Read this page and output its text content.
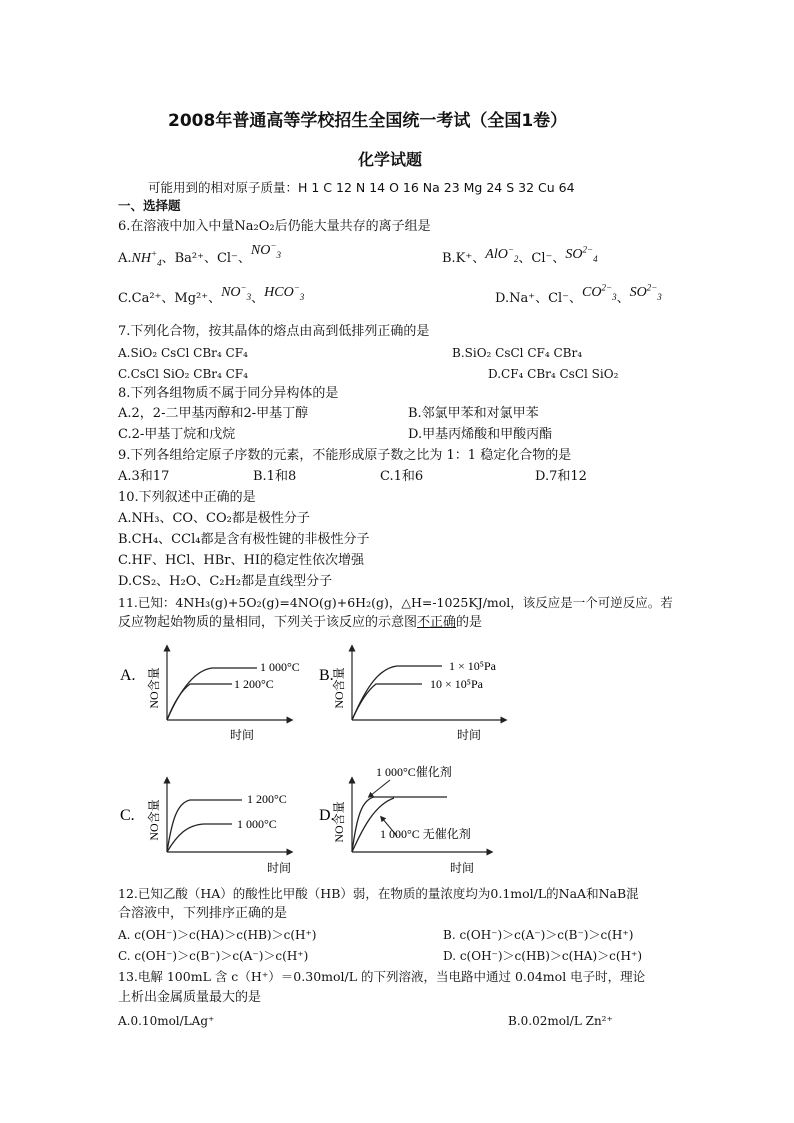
2008年普通高等学校招生全国统一考试（全国1卷）
化学试题
可能用到的相对原子质量：H 1 C 12 N 14 O 16 Na 23 Mg 24 S 32 Cu 64
一、选择题
6.在溶液中加入中量Na₂O₂后仍能大量共存的离子组是
$A.NH^+_4$、Ba²⁺、Cl⁻、$NO^-_3$	B.K⁺、AlO−$_2$、Cl⁻、$SO^{2-}_4$
C.Ca²⁺、Mg²⁺、$NO^-_3$、$HCO^-_3$	D.Na⁺、Cl⁻、$CO^{2-}_3$、$SO^{2-}_3$
7.下列化合物，按其晶体的熔点由高到低排列正确的是
A.SiO₂ CsCl CBr₄ CF₄	B.SiO₂ CsCl CF₄ CBr₄
C.CsCl SiO₂ CBr₄ CF₄	D.CF₄ CBr₄ CsCl SiO₂
8.下列各组物质不属于同分异构体的是
A.2，2-二甲基丙醇和2-甲基丁醇	B.邻氯甲苯和对氯甲苯
C.2-甲基丁烷和戊烷	D.甲基丙烯酸和甲酸丙酯
9.下列各组给定原子序数的元素，不能形成原子数之比为 1：1 稳定化合物的是
A.3和17	B.1和8	C.1和6	D.7和12
10.下列叙述中正确的是
A.NH₃、CO、CO₂都是极性分子
B.CH₄、CCl₄都是含有极性键的非极性分子
C.HF、HCl、HBr、HI的稳定性依次增强
D.CS₂、H₂O、C₂H₂都是直线型分子
11.已知：4NH₃(g)+5O₂(g)=4NO(g)+6H₂(g)，△H=-1025KJ/mol，该反应是一个可逆反应。若
反应物起始物质的量相同，下列关于该反应的示意图不正确的是
A. NO含量
时间
1 000°C
1 200°C	B.
NO含量
时间
1 × 10⁵Pa
10 × 10⁵Pa
C. NO含量
时间
1 200°C
1 000°C	D.
NO含量
时间
1 000°C催化剂
1 000°C 无催化剂
12.已知乙酸（HA）的酸性比甲酸（HB）弱，在物质的量浓度均为0.1mol/L的NaA和NaB混
合溶液中，下列排序正确的是
A. c(OH⁻)＞c(HA)＞c(HB)＞c(H⁺)	B. c(OH⁻)＞c(A⁻)＞c(B⁻)＞c(H⁺)
C. c(OH⁻)＞c(B⁻)＞c(A⁻)＞c(H⁺)	D. c(OH⁻)＞c(HB)＞c(HA)＞c(H⁺)
13.电解 100mL 含 c（H⁺）＝0.30mol/L 的下列溶液，当电路中通过 0.04mol 电子时，理论
上析出金属质量最大的是
A.0.10mol/LAg⁺	B.0.02mol/L Zn²⁺
